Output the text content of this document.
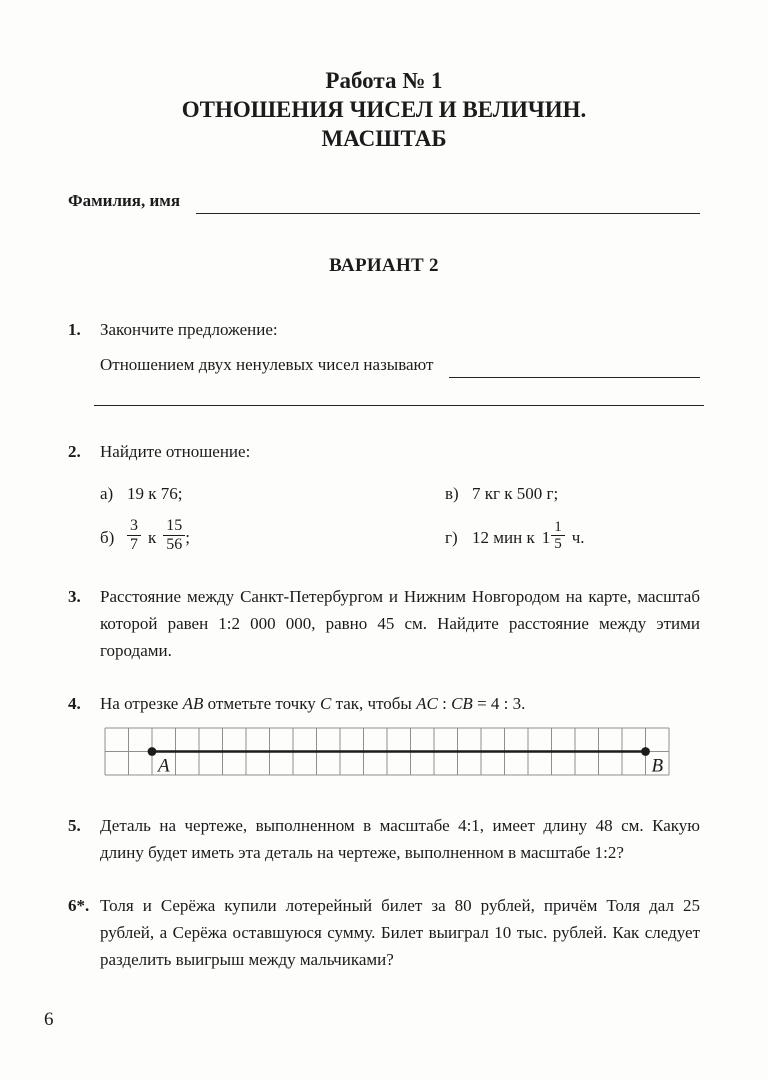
Работа № 1
ОТНОШЕНИЯ ЧИСЕЛ И ВЕЛИЧИН.
МАСШТАБ
Фамилия, имя
ВАРИАНТ 2
1.	Закончите предложение:
Отношением двух ненулевых чисел называют
2.	Найдите отношение:
а) 19 к 76;	в) 7 кг к 500 г;
$б) \frac{3}{7}$ к $\frac{15}{56}$ ;	г) 12 мин к $1 \frac{1}{5} ч$.
3.	Расстояние между Санкт-Петербургом и Нижним Новгородом на карте, масштаб которой равен 1:2 000 000, равно 45 см. Найдите расстояние между этими городами.
4.	На отрезке AB отметьте точку C так, чтобы AC : CB = 4 : 3.
A	B
5.	Деталь на чертеже, выполненном в масштабе 4:1, имеет длину 48 см. Какую длину будет иметь эта деталь на чертеже, выполненном в масштабе 1:2?
6*. Толя и Серёжа купили лотерейный билет за 80 рублей, причём Толя дал 25 рублей, а Серёжа оставшуюся сумму. Билет выиграл 10 тыс. рублей. Как следует разделить выигрыш между мальчиками?
6
